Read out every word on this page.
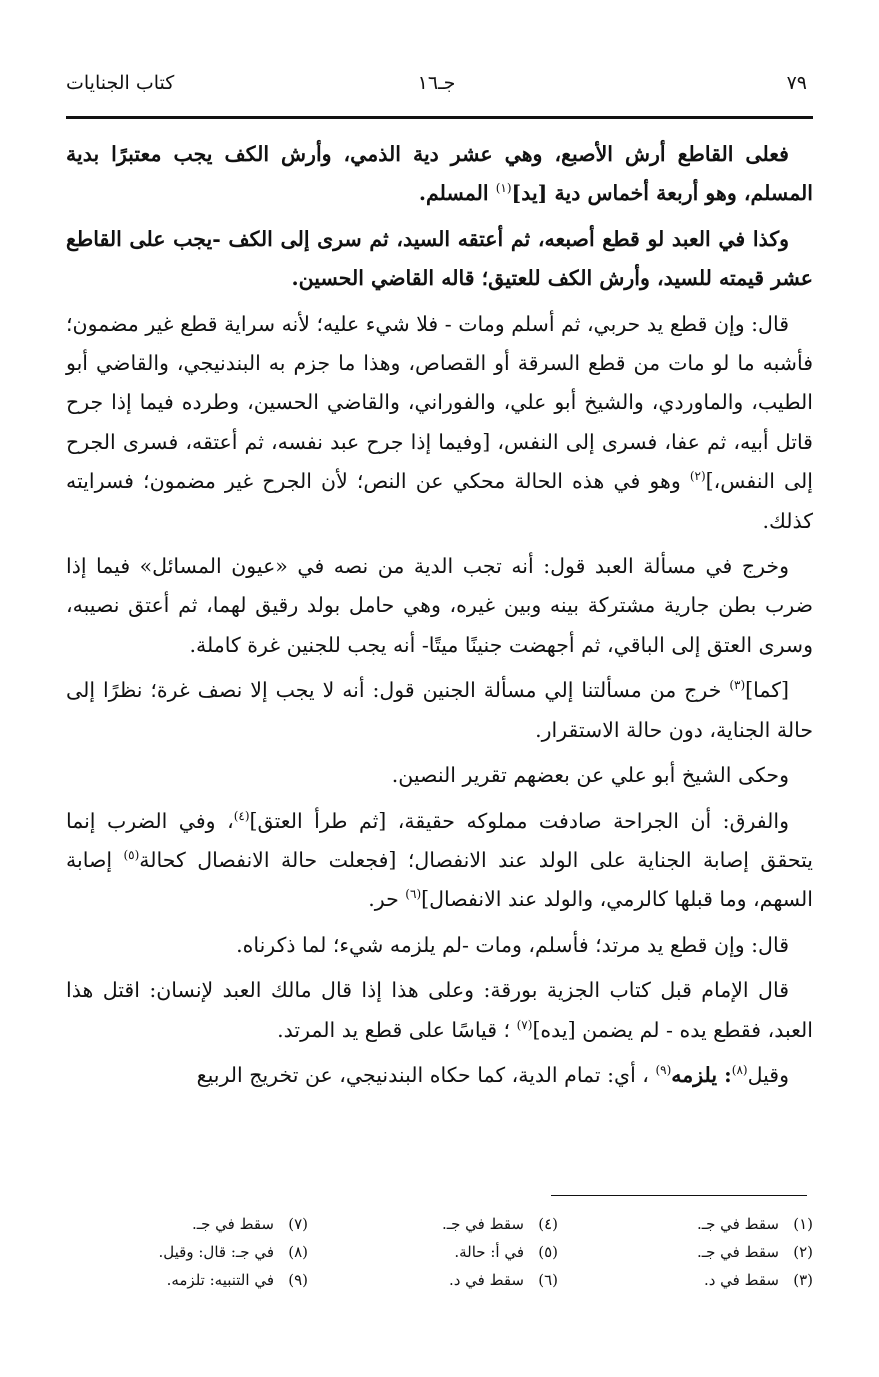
٧٩
جـ١٦
كتاب الجنايات

فعلى القاطع أرش الأصبع، وهي عشر دية الذمي، وأرش الكف يجب معتبرًا بدية المسلم، وهو أربعة أخماس دية [يد]$^{(١)}$ المسلم.

وكذا في العبد لو قطع أصبعه، ثم أعتقه السيد، ثم سرى إلى الكف -يجب على القاطع عشر قيمته للسيد، وأرش الكف للعتيق؛ قاله القاضي الحسين.

قال: وإن قطع يد حربي، ثم أسلم ومات - فلا شيء عليه؛ لأنه سراية قطع غير مضمون؛ فأشبه ما لو مات من قطع السرقة أو القصاص، وهذا ما جزم به البندنيجي، والقاضي أبو الطيب، والماوردي، والشيخ أبو علي، والفوراني، والقاضي الحسين، وطرده فيما إذا جرح قاتل أبيه، ثم عفا، فسرى إلى النفس، [وفيما إذا جرح عبد نفسه، ثم أعتقه، فسرى الجرح إلى النفس،]$^{(٢)}$ وهو في هذه الحالة محكي عن النص؛ لأن الجرح غير مضمون؛ فسرايته كذلك.

وخرج في مسألة العبد قول: أنه تجب الدية من نصه في «عيون المسائل» فيما إذا ضرب بطن جارية مشتركة بينه وبين غيره، وهي حامل بولد رقيق لهما، ثم أعتق نصيبه، وسرى العتق إلى الباقي، ثم أجهضت جنينًا ميتًا- أنه يجب للجنين غرة كاملة.

[كما]$^{(٣)}$ خرج من مسألتنا إلي مسألة الجنين قول: أنه لا يجب إلا نصف غرة؛ نظرًا إلى حالة الجناية، دون حالة الاستقرار.

وحكى الشيخ أبو علي عن بعضهم تقرير النصين.

والفرق: أن الجراحة صادفت مملوكه حقيقة، [ثم طرأ العتق]$^{(٤)}$، وفي الضرب إنما يتحقق إصابة الجناية على الولد عند الانفصال؛ [فجعلت حالة الانفصال كحالة$^{(٥)}$ إصابة السهم، وما قبلها كالرمي، والولد عند الانفصال]$^{(٦)}$ حر.

قال: وإن قطع يد مرتد؛ فأسلم، ومات -لم يلزمه شيء؛ لما ذكرناه.

قال الإمام قبل كتاب الجزية بورقة: وعلى هذا إذا قال مالك العبد لإنسان: اقتل هذا العبد، فقطع يده - لم يضمن [يده]$^{(٧)}$ ؛ قياسًا على قطع يد المرتد.

وقيل$^{(٨)}$: يلزمه$^{(٩)}$ ، أي: تمام الدية، كما حكاه البندنيجي، عن تخريج الربيع

(١)سقط في جـ.
(٢)سقط في جـ.
(٣)سقط في د.
(٤)سقط في جـ.
(٥)في أ: حالة.
(٦)سقط في د.
(٧)سقط في جـ.
(٨)في جـ: قال: وقيل.
(٩)في التنبيه: تلزمه.
